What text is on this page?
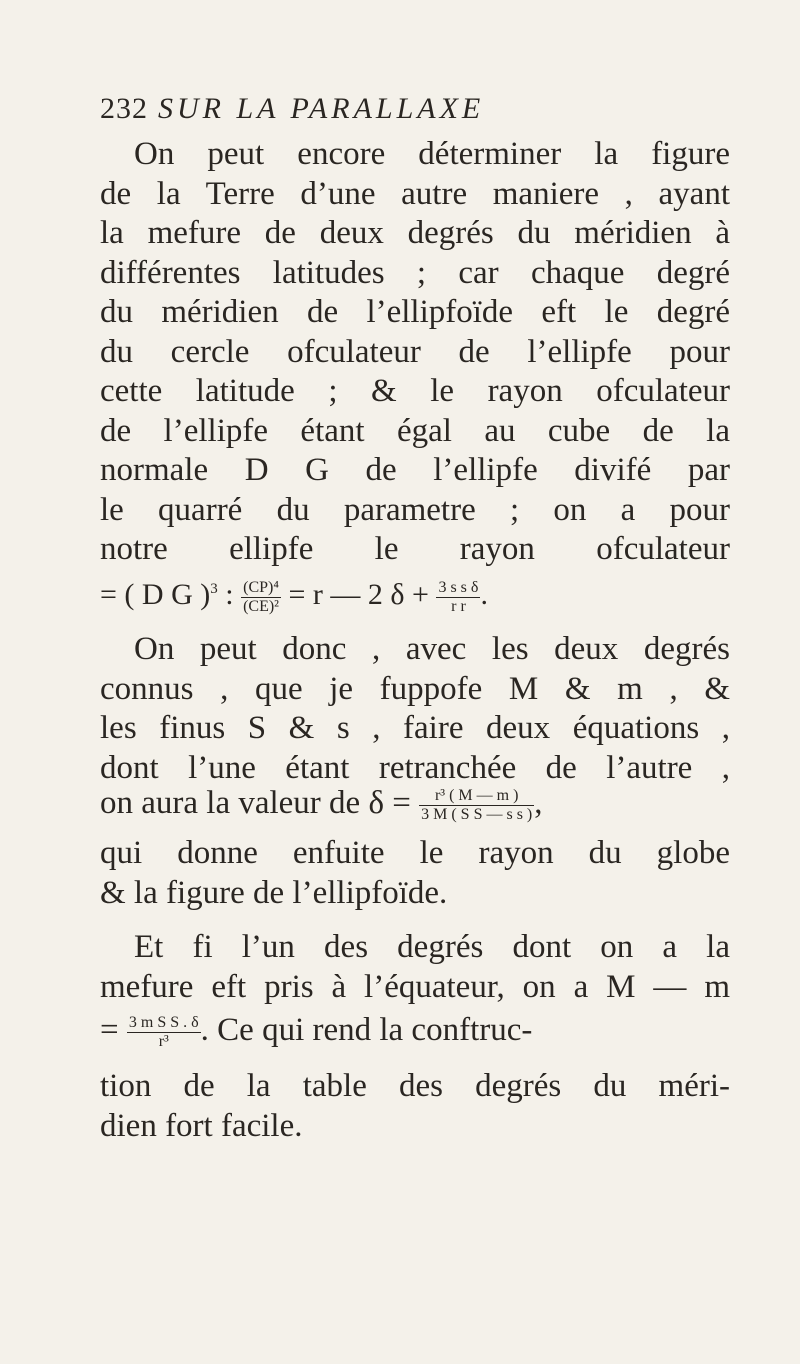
232 SUR LA PARALLAXE
On peut encore déterminer la figure
de la Terre d’une autre maniere , ayant
la mefure de deux degrés du méridien à
différentes latitudes ; car chaque degré
du méridien de l’ellipfoïde eft le degré
du cercle ofculateur de l’ellipfe pour
cette latitude ; & le rayon ofculateur
de l’ellipfe étant égal au cube de la
normale D G de l’ellipfe divifé par
le quarré du parametre ; on a pour
notre ellipfe le rayon ofculateur
= ( D G )$^3$ : $\frac{\text{(CP)⁴}}{\text{(CE)²}} = r$ — 2 $\delta + \frac{\text{3 s s δ}}{\text{r r}}$ .
On peut donc , avec les deux degrés
connus , que je fuppofe M & m , &
les finus S & s , faire deux équations ,
dont l’une étant retranchée de l’autre ,
on aura la valeur de $\delta = \frac{\text{r³ ( M — m )}}{\text{3 M ( S S — s s )}}$ ,
qui donne enfuite le rayon du globe
& la figure de l’ellipfoïde.
Et fi l’un des degrés dont on a la
mefure eft pris à l’équateur, on a M — m
= $\frac{\text{3 m S S . δ}}{\text{r³}}$ . Ce qui rend la conftruc-
tion de la table des degrés du méri-
dien fort facile.
